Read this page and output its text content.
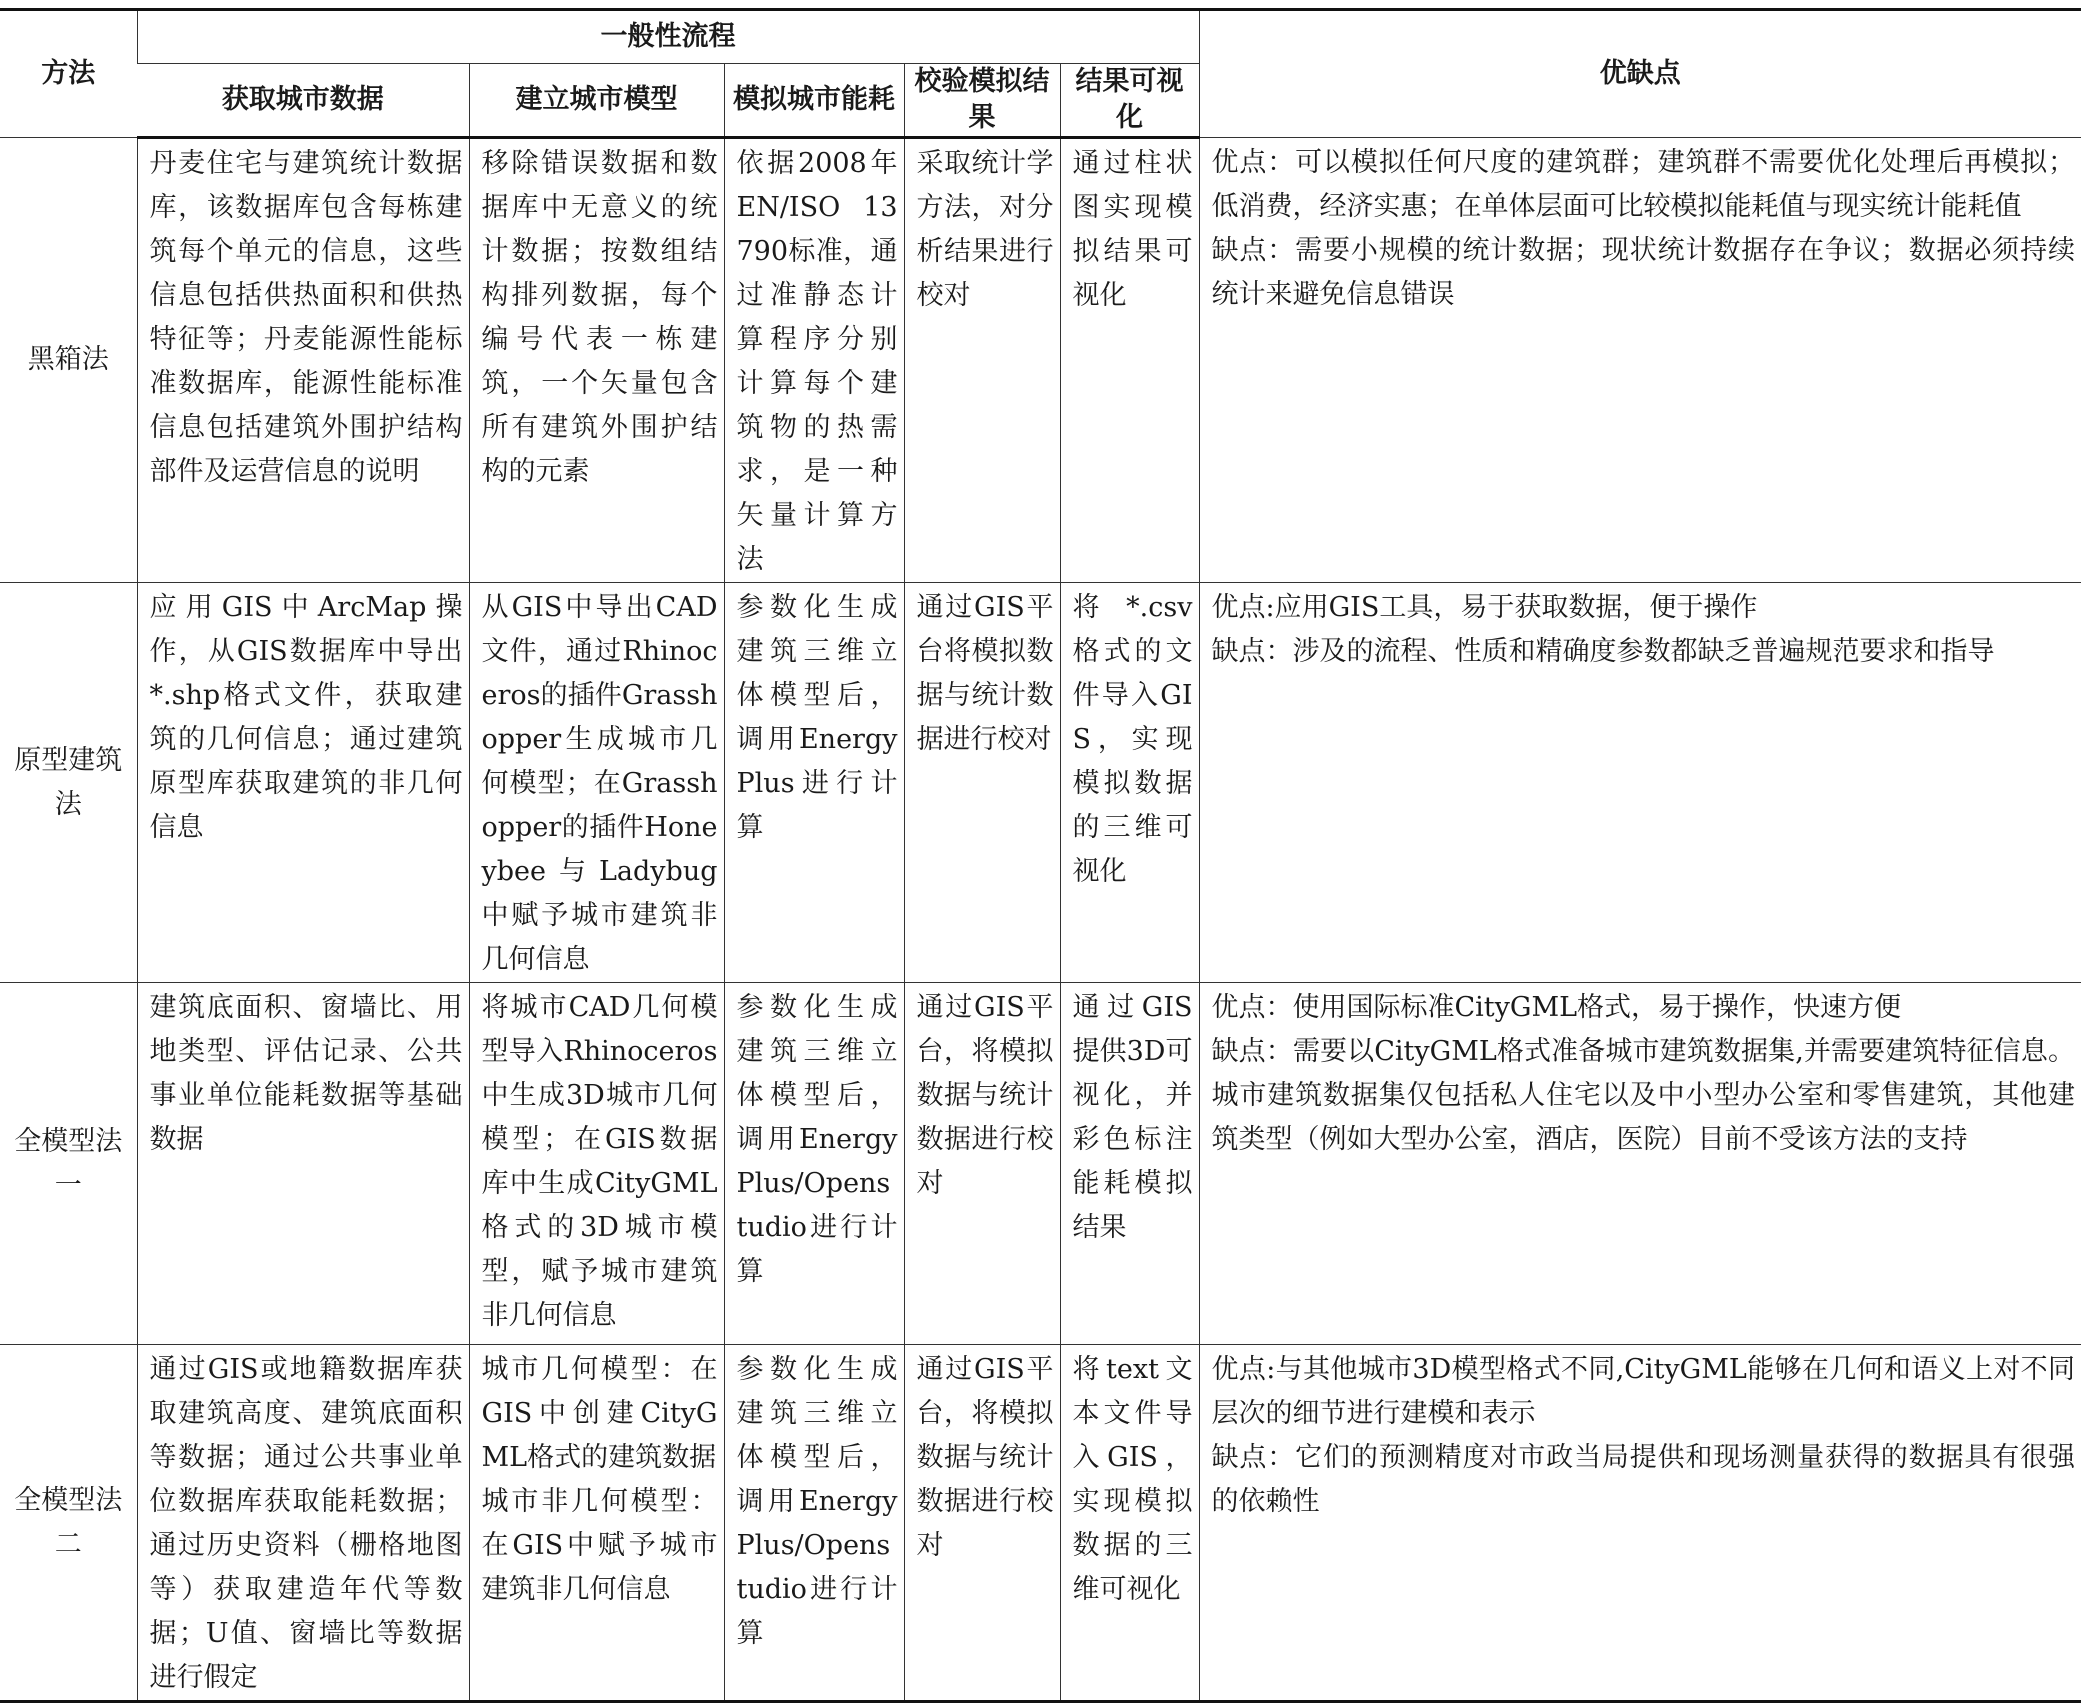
方法	一般性流程					优缺点
	获取城市数据	建立城市模型	模拟城市能耗	校验模拟结果	结果可视化	
黑箱法	丹麦住宅与建筑统计数据库，该数据库包含每栋建筑每个单元的信息，这些信息包括供热面积和供热特征等；丹麦能源性能标准数据库，能源性能标准信息包括建筑外围护结构部件及运营信息的说明	移除错误数据和数据库中无意义的统计数据；按数组结构排列数据，每个编号代表一栋建筑，一个矢量包含所有建筑外围护结构的元素	依据2008年EN/ISO 13790标准，通过准静态计算程序分别计算每个建筑物的热需求，是一种矢量计算方法	采取统计学方法，对分析结果进行校对	通过柱状图实现模拟结果可视化	优点：可以模拟任何尺度的建筑群；建筑群不需要优化处理后再模拟；低消费，经济实惠；在单体层面可比较模拟能耗值与现实统计能耗值
缺点：需要小规模的统计数据；现状统计数据存在争议；数据必须持续统计来避免信息错误
原型建筑法	应用GIS中ArcMap操作，从GIS数据库中导出*.shp格式文件，获取建筑的几何信息；通过建筑原型库获取建筑的非几何信息	从GIS中导出CAD文件，通过Rhinoceros的插件Grasshopper生成城市几何模型；在Grasshopper的插件Honeybee与Ladybug中赋予城市建筑非几何信息	参数化生成建筑三维立体模型后，调用EnergyPlus进行计算	通过GIS平台将模拟数据与统计数据进行校对	将*.csv格式的文件导入GIS，实现模拟数据的三维可视化	优点:应用GIS工具，易于获取数据，便于操作
缺点：涉及的流程、性质和精确度参数都缺乏普遍规范要求和指导
全模型法一	建筑底面积、窗墙比、用地类型、评估记录、公共事业单位能耗数据等基础数据	将城市CAD几何模型导入Rhinoceros中生成3D城市几何模型；在GIS数据库中生成CityGML格式的3D城市模型，赋予城市建筑非几何信息	参数化生成建筑三维立体模型后，调用EnergyPlus/Openstudio进行计算	通过GIS平台，将模拟数据与统计数据进行校对	通过GIS提供3D可视化，并彩色标注能耗模拟结果	优点：使用国际标准CityGML格式，易于操作，快速方便
缺点：需要以CityGML格式准备城市建筑数据集,并需要建筑特征信息。城市建筑数据集仅包括私人住宅以及中小型办公室和零售建筑，其他建筑类型（例如大型办公室，酒店，医院）目前不受该方法的支持
全模型法二	通过GIS或地籍数据库获取建筑高度、建筑底面积等数据；通过公共事业单位数据库获取能耗数据；通过历史资料（栅格地图等）获取建造年代等数据；U值、窗墙比等数据进行假定	城市几何模型：在GIS中创建CityGML格式的建筑数据
城市非几何模型：在GIS中赋予城市建筑非几何信息	参数化生成建筑三维立体模型后，调用EnergyPlus/Openstudio进行计算	通过GIS平台，将模拟数据与统计数据进行校对	将text文本文件导入GIS，实现模拟数据的三维可视化	优点:与其他城市3D模型格式不同,CityGML能够在几何和语义上对不同层次的细节进行建模和表示
缺点：它们的预测精度对市政当局提供和现场测量获得的数据具有很强的依赖性
